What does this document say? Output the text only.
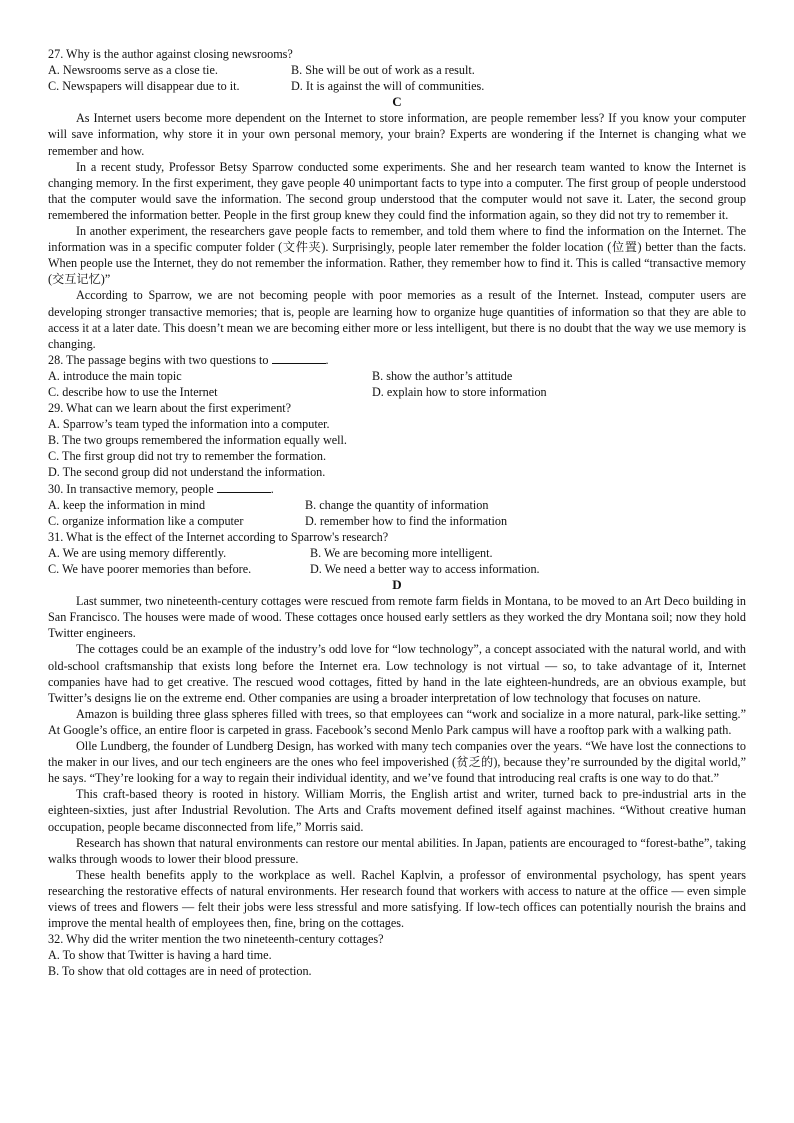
27. Why is the author against closing newsrooms?
A. Newsrooms serve as a close tie.	B. She will be out of work as a result.
C. Newspapers will disappear due to it.	D. It is against the will of communities.
C

As Internet users become more dependent on the Internet to store information, are people remember less? If you know your computer will save information, why store it in your own personal memory, your brain? Experts are wondering if the Internet is changing what we remember and how.

In a recent study, Professor Betsy Sparrow conducted some experiments. She and her research team wanted to know the Internet is changing memory. In the first experiment, they gave people 40 unimportant facts to type into a computer. The first group of people understood that the computer would save the information. The second group understood that the computer would not save it. Later, the second group remembered the information better. People in the first group knew they could find the information again, so they did not try to remember it.

In another experiment, the researchers gave people facts to remember, and told them where to find the information on the Internet. The information was in a specific computer folder (文件夹). Surprisingly, people later remember the folder location (位置) better than the facts. When people use the Internet, they do not remember the information. Rather, they remember how to find it. This is called “transactive memory (交互记忆)”

According to Sparrow, we are not becoming people with poor memories as a result of the Internet. Instead, computer users are developing stronger transactive memories; that is, people are learning how to organize huge quantities of information so that they are able to access it at a later date. This doesn’t mean we are becoming either more or less intelligent, but there is no doubt that the way we use memory is changing.

28. The passage begins with two questions to	.
A. introduce the main topic	B. show the author’s attitude
C. describe how to use the Internet	D. explain how to store information
29. What can we learn about the first experiment?
A. Sparrow’s team typed the information into a computer.
B. The two groups remembered the information equally well.
C. The first group did not try to remember the formation.
D. The second group did not understand the information.
30. In transactive memory, people	.
A. keep the information in mind	B. change the quantity of information
C. organize information like a computer	D. remember how to find the information
31. What is the effect of the Internet according to Sparrow's research?
A. We are using memory differently.	B. We are becoming more intelligent.
C. We have poorer memories than before.	D. We need a better way to access information.
D

Last summer, two nineteenth-century cottages were rescued from remote farm fields in Montana, to be moved to an Art Deco building in San Francisco. The houses were made of wood. These cottages once housed early settlers as they worked the dry Montana soil; now they hold Twitter engineers.

The cottages could be an example of the industry’s odd love for “low technology”, a concept associated with the natural world, and with old-school craftsmanship that exists long before the Internet era. Low technology is not virtual — so, to take advantage of it, Internet companies have had to get creative. The rescued wood cottages, fitted by hand in the late eighteen-hundreds, are an obvious example, but Twitter’s designs lie on the extreme end. Other companies are using a broader interpretation of low technology that focuses on nature.

Amazon is building three glass spheres filled with trees, so that employees can “work and socialize in a more natural, park-like setting.” At Google’s office, an entire floor is carpeted in grass. Facebook’s second Menlo Park campus will have a rooftop park with a walking path.

Olle Lundberg, the founder of Lundberg Design, has worked with many tech companies over the years. “We have lost the connections to the maker in our lives, and our tech engineers are the ones who feel impoverished (贫乏的), because they’re surrounded by the digital world,” he says. “They’re looking for a way to regain their individual identity, and we’ve found that introducing real crafts is one way to do that.”

This craft-based theory is rooted in history. William Morris, the English artist and writer, turned back to pre-industrial arts in the eighteen-sixties, just after Industrial Revolution. The Arts and Crafts movement defined itself against machines. “Without creative human occupation, people became disconnected from life,” Morris said.

Research has shown that natural environments can restore our mental abilities. In Japan, patients are encouraged to “forest-bathe”, taking walks through woods to lower their blood pressure.

These health benefits apply to the workplace as well. Rachel Kaplvin, a professor of environmental psychology, has spent years researching the restorative effects of natural environments. Her research found that workers with access to nature at the office — even simple views of trees and flowers — felt their jobs were less stressful and more satisfying. If low-tech offices can potentially nourish the brains and improve the mental health of employees then, fine, bring on the cottages.

32. Why did the writer mention the two nineteenth-century cottages?
A. To show that Twitter is having a hard time.
B. To show that old cottages are in need of protection.
